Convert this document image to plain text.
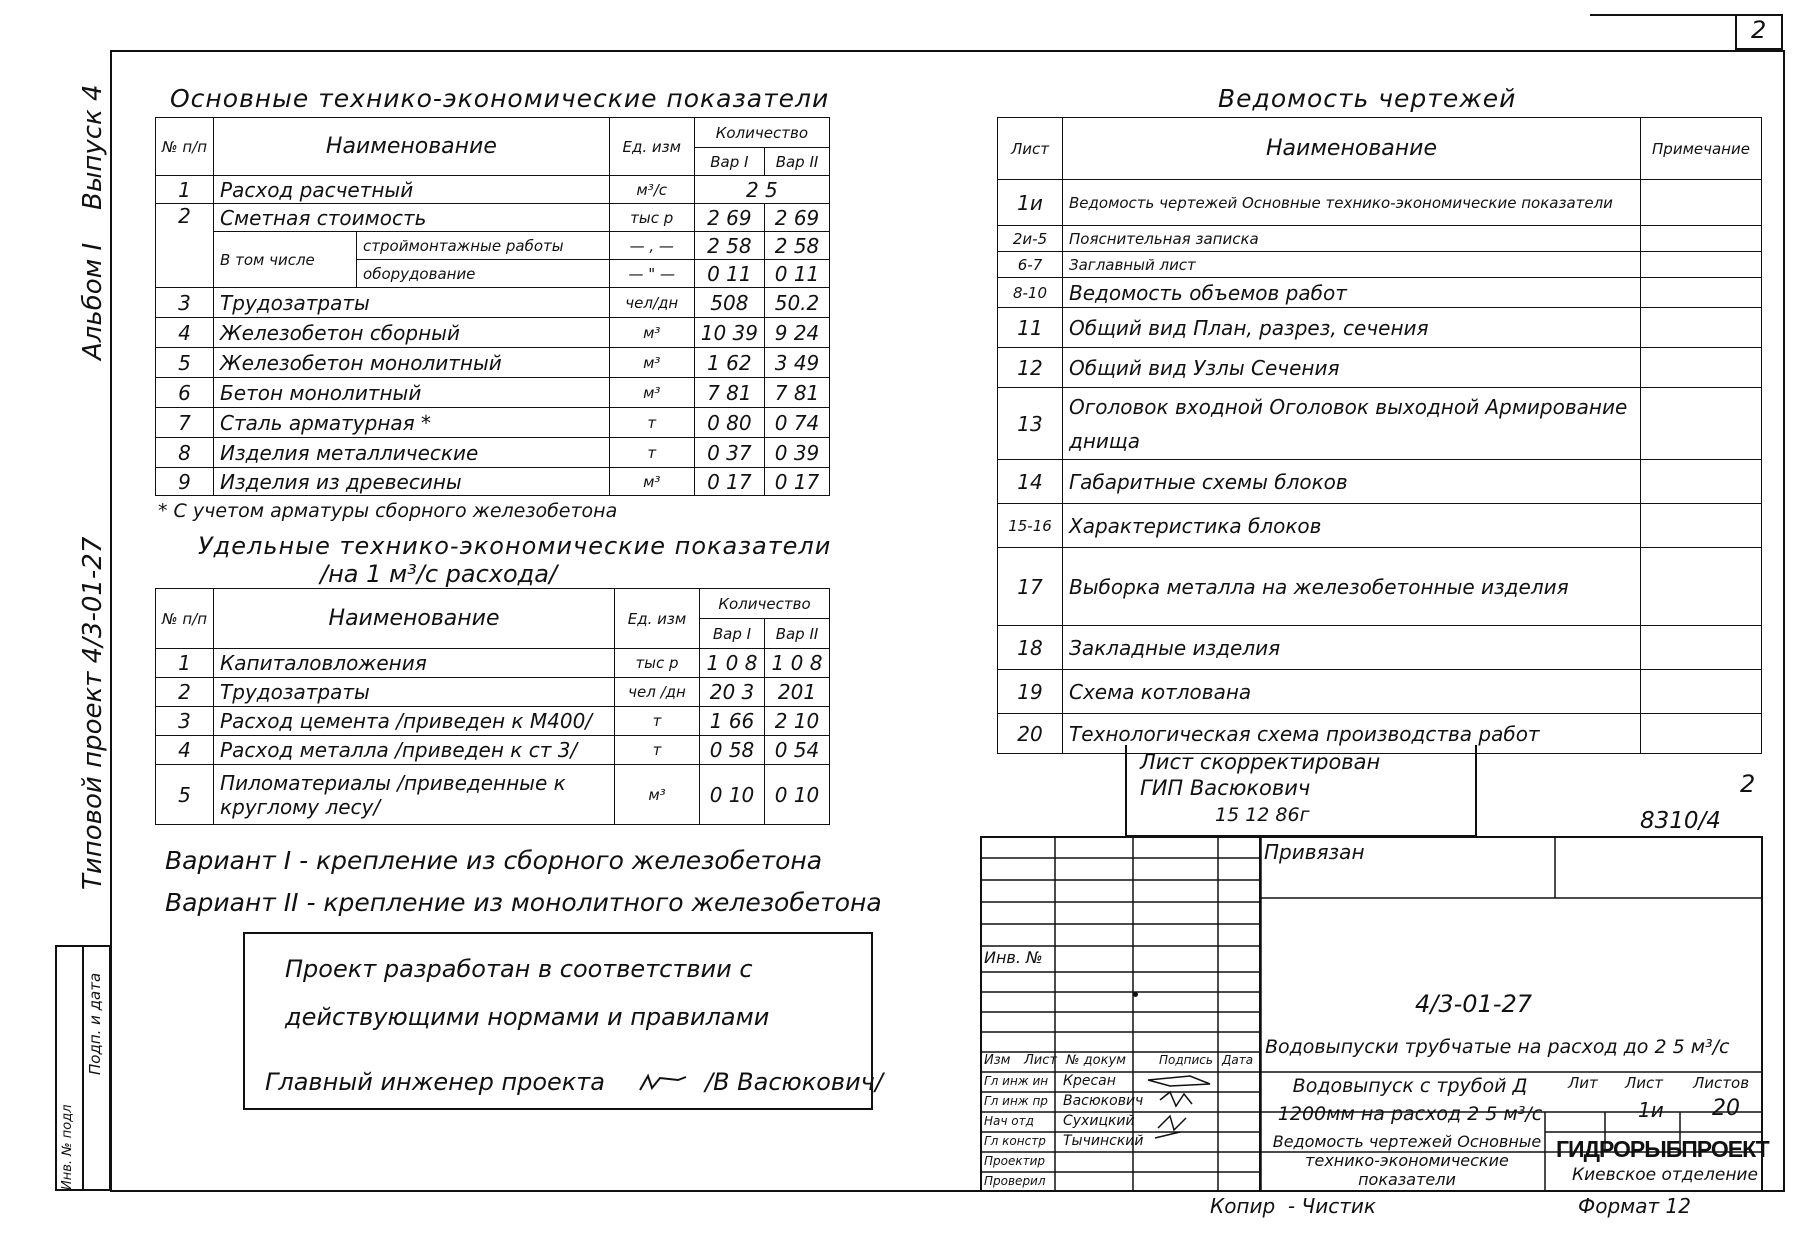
2
Инв. № подл
Подп. и дата
Типовой проект 4/3-01-27
Альбом I
Выпуск 4 Основные технико-экономические показатели
№ п/п	Наименование		Ед. изм	Количество	
				Вар I	Вар II
1	Расход расчетный		м³/с	2 5	
2	Сметная стоимость		тыс р	2 69	2 69
	В том числе	строймонтажные работы	— , —	2 58	2 58
		оборудование	— " —	0 11	0 11
3	Трудозатраты		чел/дн	508	50.2
4	Железобетон сборный		м³	10 39	9 24
5	Железобетон монолитный		м³	1 62	3 49
6	Бетон монолитный		м³	7 81	7 81
7	Сталь арматурная *		т	0 80	0 74
8	Изделия металлические		т	0 37	0 39
9	Изделия из древесины		м³	0 17	0 17
* С учетом арматуры сборного железобетона
Удельные технико-экономические показатели
/на 1 м³/с расхода/
№ п/п	Наименование	Ед. изм	Количество	
			Вар I	Вар II
1	Капиталовложения	тыс р	1 0 8	1 0 8
2	Трудозатраты	чел /дн	20 3	201
3	Расход цемента /приведен к М400/	т	1 66	2 10
4	Расход металла /приведен к ст 3/	т	0 58	0 54
5	Пиломатериалы /приведенные к круглому лесу/	м³	0 10	0 10
Вариант I - крепление из сборного железобетона
Вариант II - крепление из монолитного железобетона
Проект разработан в соответствии с
действующими нормами и правилами
Главный инженер проекта	/В Васюкович/
Ведомость чертежей
Лист	Наименование	Примечание
1и	Ведомость чертежей Основные технико-экономические показатели	
2и-5	Пояснительная записка	
6-7	Заглавный лист	
8-10	Ведомость объемов работ	
11	Общий вид План, разрез, сечения	
12	Общий вид Узлы Сечения	
13	Оголовок входной Оголовок выходной Армирование днища	
14	Габаритные схемы блоков	
15-16	Характеристика блоков	
17	Выборка металла на железобетонные изделия	
18	Закладные изделия	
19	Схема котлована	
20	Технологическая схема производства работ	
Лист скорректирован
ГИП Васюкович
15 12 86г
2
8310/4
Привязан
Инв. №
4/3-01-27
Водовыпуски трубчатые на расход до 2 5 м³/с
Изм Лист № докум	Подпись Дата
Гл инж ин Кресан
Гл инж пр Васюкович
Нач отд Сухицкий
Гл констр Тычинский
Проектир
Проверил
Водовыпуск с трубой Д 1200мм на расход 2 5 м³/с
Лит Лист Листов
1и 20
Ведомость чертежей Основные технико-экономические показатели
ГИДРОРЫБПРОЕКТ
Киевское отделение
Копир ⁠ - Чистик	Формат 12
